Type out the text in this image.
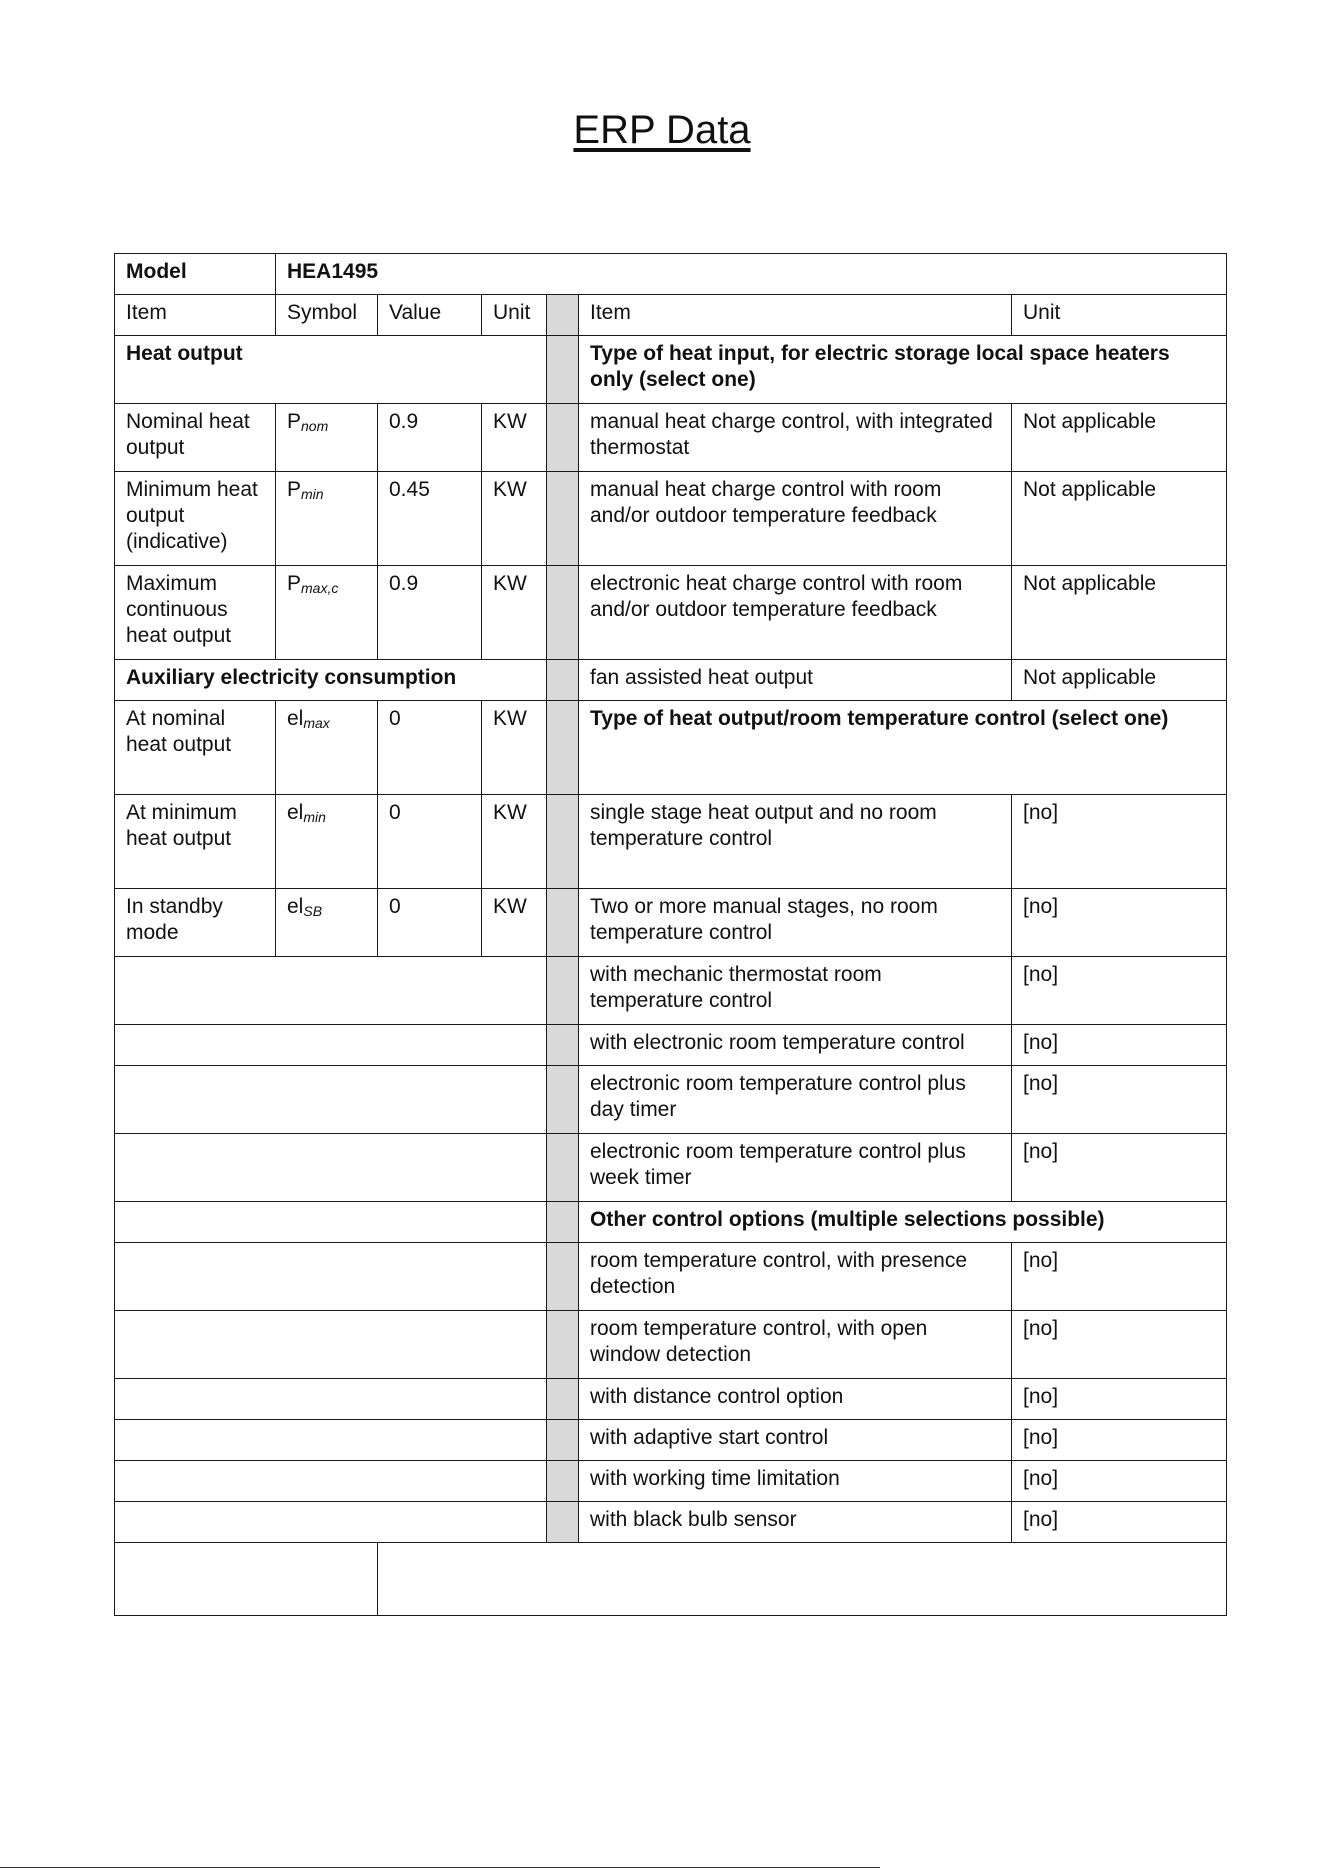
ERP Data
Model	HEA1495					
Item	Symbol	Value	Unit		Item	Unit
Heat output					Type of heat input, for electric storage local space heaters only (select one)	
Nominal heat output	$P_{nom}$	0.9	KW		manual heat charge control, with integrated thermostat	Not applicable
Minimum heat output (indicative)	$P_{min}$	0.45	KW		manual heat charge control with room and/or outdoor temperature feedback	Not applicable
Maximum continuous heat output	$P_{max,c}$	0.9	KW		electronic heat charge control with room and/or outdoor temperature feedback	Not applicable
Auxiliary electricity consumption					fan assisted heat output	Not applicable
At nominal heat output	$el_{max}$	0	KW		Type of heat output/room temperature control (select one)	
At minimum heat output	$el_{min}$	0	KW		single stage heat output and no room temperature control	[no]
In standby mode	$el_{SB}$	0	KW		Two or more manual stages, no room temperature control	[no]
					with mechanic thermostat room temperature control	[no]
					with electronic room temperature control	[no]
					electronic room temperature control plus day timer	[no]
					electronic room temperature control plus week timer	[no]
					Other control options (multiple selections possible)	
					room temperature control, with presence detection	[no]
					room temperature control, with open window detection	[no]
					with distance control option	[no]
					with adaptive start control	[no]
					with working time limitation	[no]
					with black bulb sensor	[no]
